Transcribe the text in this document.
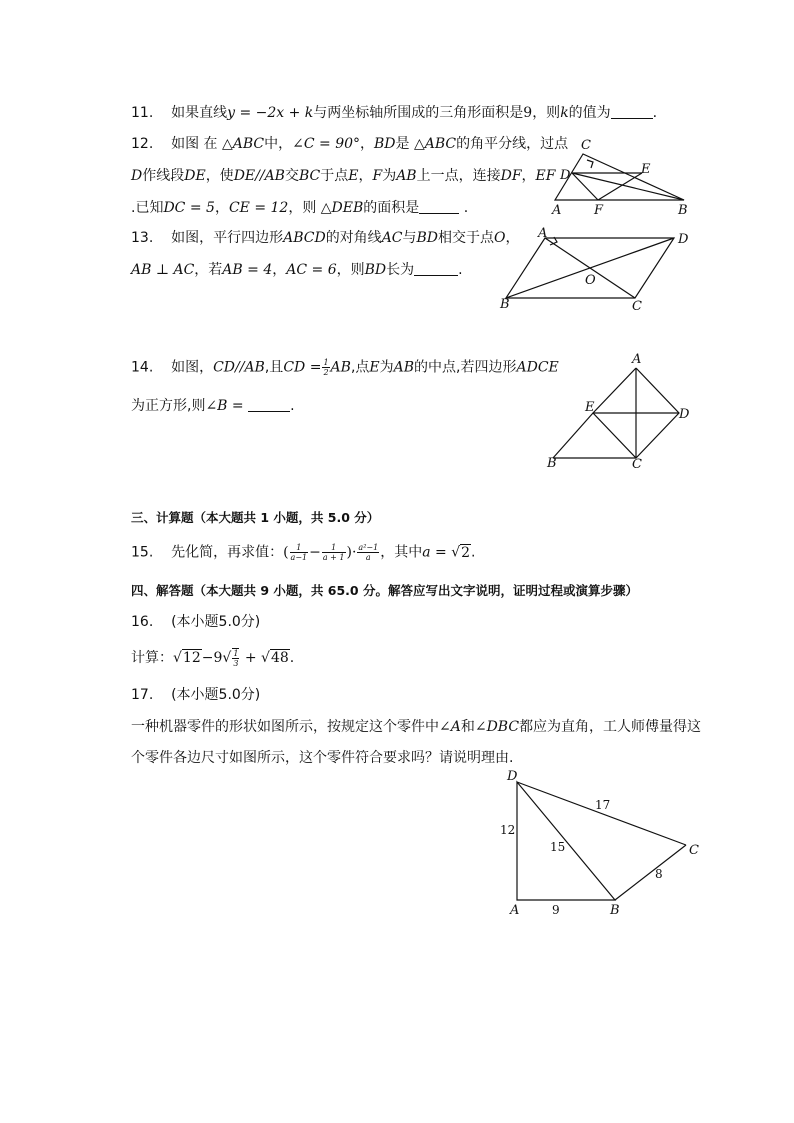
11. 如果直线y = −2x + k与两坐标轴所围成的三角形面积是9，则k的值为	.
12. 如图 在 △ABC中，∠C = 90°，BD是 △ABC的角平分线，过点
D作线段DE，使DE//AB交BC于点E，F为AB上一点，连接DF，EF
.已知DC = 5，CE = 12，则 △DEB的面积是	.
C
D	E
A	F	B
13. 如图，平行四边形ABCD的对角线AC与BD相交于点O，
AB ⊥ AC，若AB = 4，AC = 6，则BD长为	.
A	D
O
B	C
14. 如图，CD//AB,且CD = $\frac{1}{2}$ AB,点E为AB的中点,若四边形ADCE
为正方形,则∠B =	.
A
E	D
B	C
三、计算题（本大题共 1 小题，共 5.0 分）
15. 先化简，再求值：( $\frac{1}{a-1} - \frac{1}{a + 1}$ )· $\frac{\text{a²−1}}{a}$ ，其中a = √2.
四、解答题（本大题共 9 小题，共 65.0 分。解答应写出文字说明，证明过程或演算步骤）
16. (本小题5.0分)
计算：$√12-9√ \frac{1}{3} + √48$.
17. (本小题5.0分)
一种机器零件的形状如图所示，按规定这个零件中∠A和∠DBC都应为直角，工人师傅量得这
个零件各边尺寸如图所示，这个零件符合要求吗？请说明理由.
D
C
A	B
12
15
17
8
9
